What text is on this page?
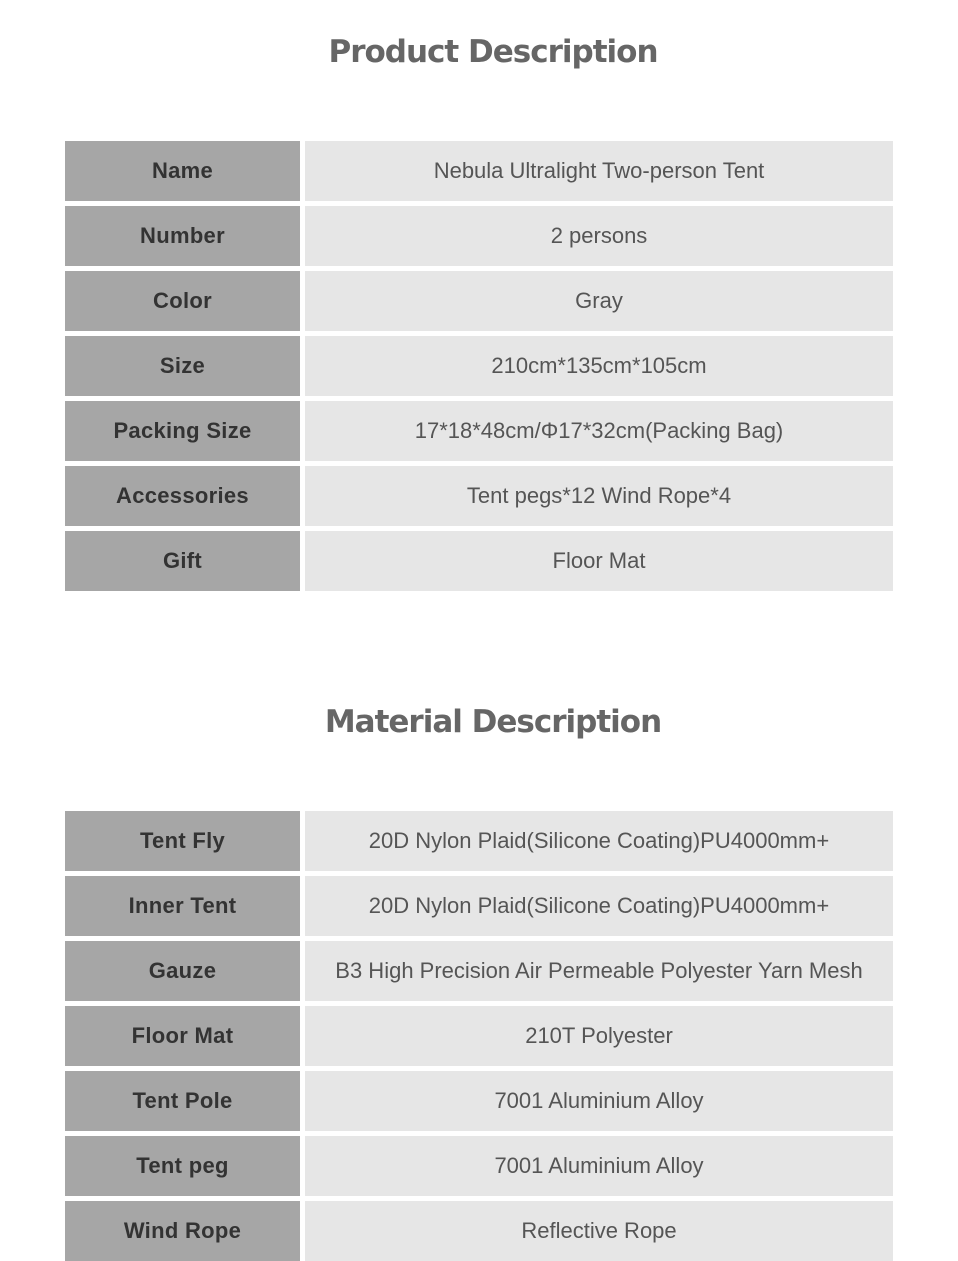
Product Description
Name	Nebula Ultralight Two-person Tent
Number	2 persons
Color	Gray
Size	210cm*135cm*105cm
Packing Size	17*18*48cm/Φ17*32cm(Packing Bag)
Accessories	Tent pegs*12 Wind Rope*4
Gift	Floor Mat
Material Description
Tent Fly	20D Nylon Plaid(Silicone Coating)PU4000mm+
Inner Tent	20D Nylon Plaid(Silicone Coating)PU4000mm+
Gauze	B3 High Precision Air Permeable Polyester Yarn Mesh
Floor Mat	210T Polyester
Tent Pole	7001 Aluminium Alloy
Tent peg	7001 Aluminium Alloy
Wind Rope	Reflective Rope
